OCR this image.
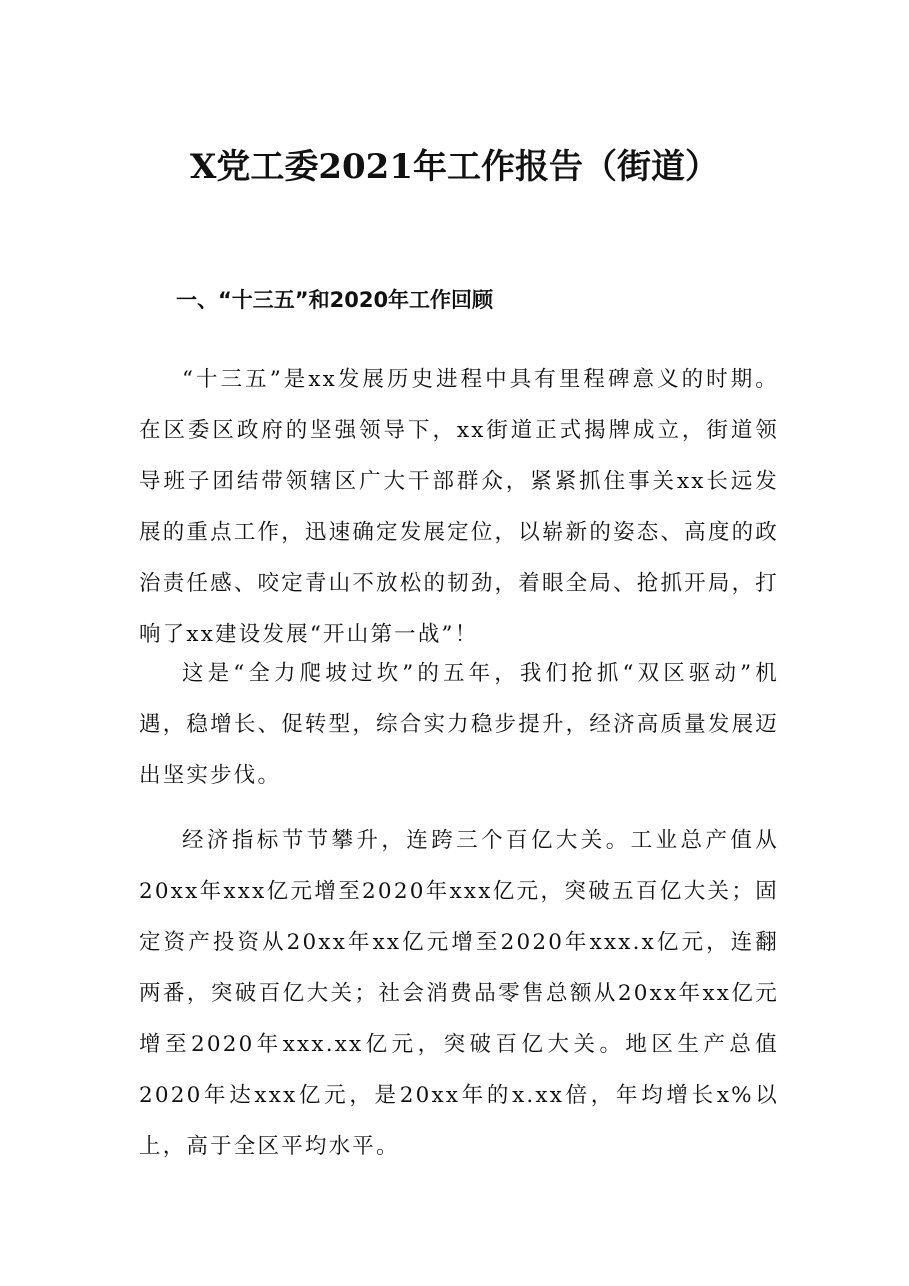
X党工委2021年工作报告（街道）
一、“十三五”和2020年工作回顾

“十三五”是xx发展历史进程中具有里程碑意义的时期。在区委区政府的坚强领导下，xx街道正式揭牌成立，街道领导班子团结带领辖区广大干部群众，紧紧抓住事关xx长远发展的重点工作，迅速确定发展定位，以崭新的姿态、高度的政治责任感、咬定青山不放松的韧劲，着眼全局、抢抓开局，打响了xx建设发展“开山第一战”！

这是“全力爬坡过坎”的五年，我们抢抓“双区驱动”机遇，稳增长、促转型，综合实力稳步提升，经济高质量发展迈出坚实步伐。

经济指标节节攀升，连跨三个百亿大关。工业总产值从20xx年xxx亿元增至2020年xxx亿元，突破五百亿大关；固定资产投资从20xx年xx亿元增至2020年xxx.x亿元，连翻两番，突破百亿大关；社会消费品零售总额从20xx年xx亿元增至2020年xxx.xx亿元，突破百亿大关。地区生产总值2020年达xxx亿元，是20xx年的x.xx倍，年均增长x%以上，高于全区平均水平。
